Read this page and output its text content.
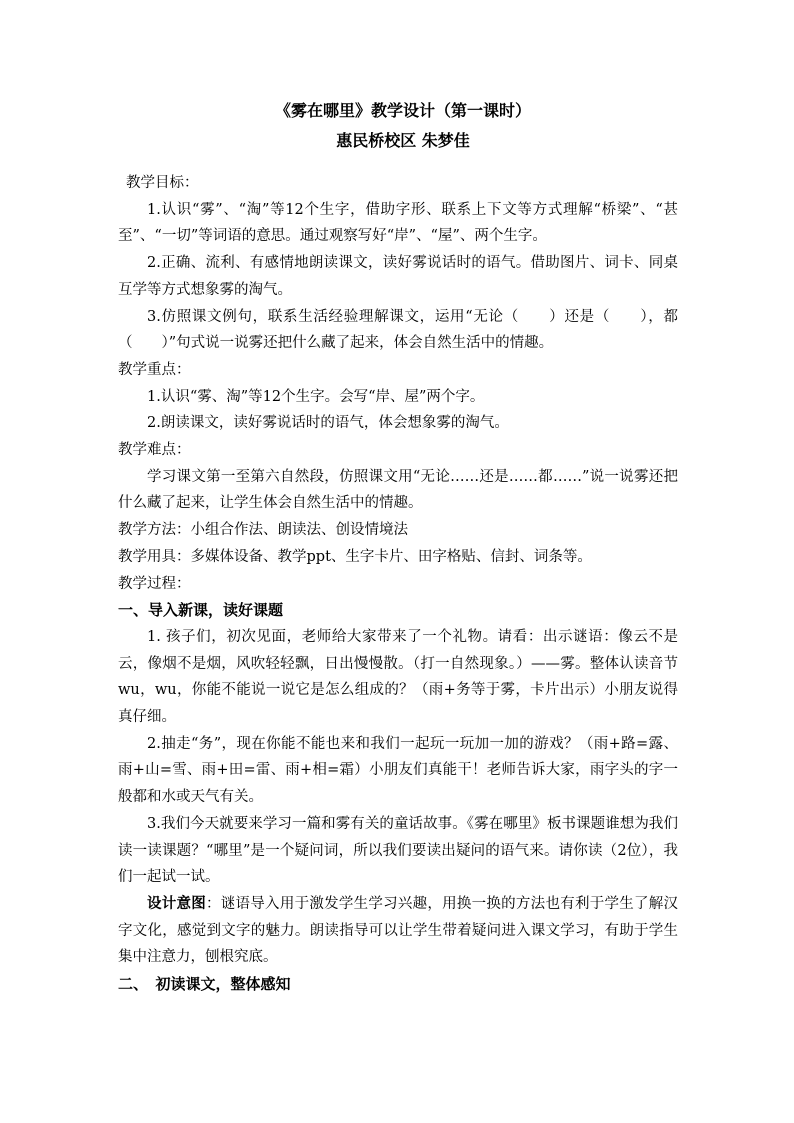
《雾在哪里》教学设计（第一课时）
惠民桥校区 朱梦佳

教学目标：

1.认识“雾”、“淘”等12个生字，借助字形、联系上下文等方式理解“桥梁”、“甚至”、“一切”等词语的意思。通过观察写好“岸”、“屋”、两个生字。

2.正确、流利、有感情地朗读课文，读好雾说话时的语气。借助图片、词卡、同桌互学等方式想象雾的淘气。

3.仿照课文例句，联系生活经验理解课文，运用“无论（　　）还是（　　），都（　　）”句式说一说雾还把什么藏了起来，体会自然生活中的情趣。

教学重点：

1.认识“雾、淘”等12个生字。会写“岸、屋”两个字。

2.朗读课文，读好雾说话时的语气，体会想象雾的淘气。

教学难点：

学习课文第一至第六自然段，仿照课文用“无论……还是……都……”说一说雾还把什么藏了起来，让学生体会自然生活中的情趣。

教学方法：小组合作法、朗读法、创设情境法

教学用具：多媒体设备、教学ppt、生字卡片、田字格贴、信封、词条等。

教学过程：

一、导入新课，读好课题

1. 孩子们，初次见面，老师给大家带来了一个礼物。请看：出示谜语：像云不是云，像烟不是烟，风吹轻轻飘，日出慢慢散。（打一自然现象。）——雾。整体认读音节wu，wu，你能不能说一说它是怎么组成的？（雨+务等于雾，卡片出示）小朋友说得真仔细。

2.抽走“务”，现在你能不能也来和我们一起玩一玩加一加的游戏？（雨+路=露、雨+山=雪、雨+田=雷、雨+相=霜）小朋友们真能干！老师告诉大家，雨字头的字一般都和水或天气有关。

3.我们今天就要来学习一篇和雾有关的童话故事。《雾在哪里》板书课题谁想为我们读一读课题？“哪里”是一个疑问词，所以我们要读出疑问的语气来。请你读（2位），我们一起试一试。

设计意图：谜语导入用于激发学生学习兴趣，用换一换的方法也有利于学生了解汉字文化，感觉到文字的魅力。朗读指导可以让学生带着疑问进入课文学习，有助于学生集中注意力，刨根究底。

二、　初读课文，整体感知
